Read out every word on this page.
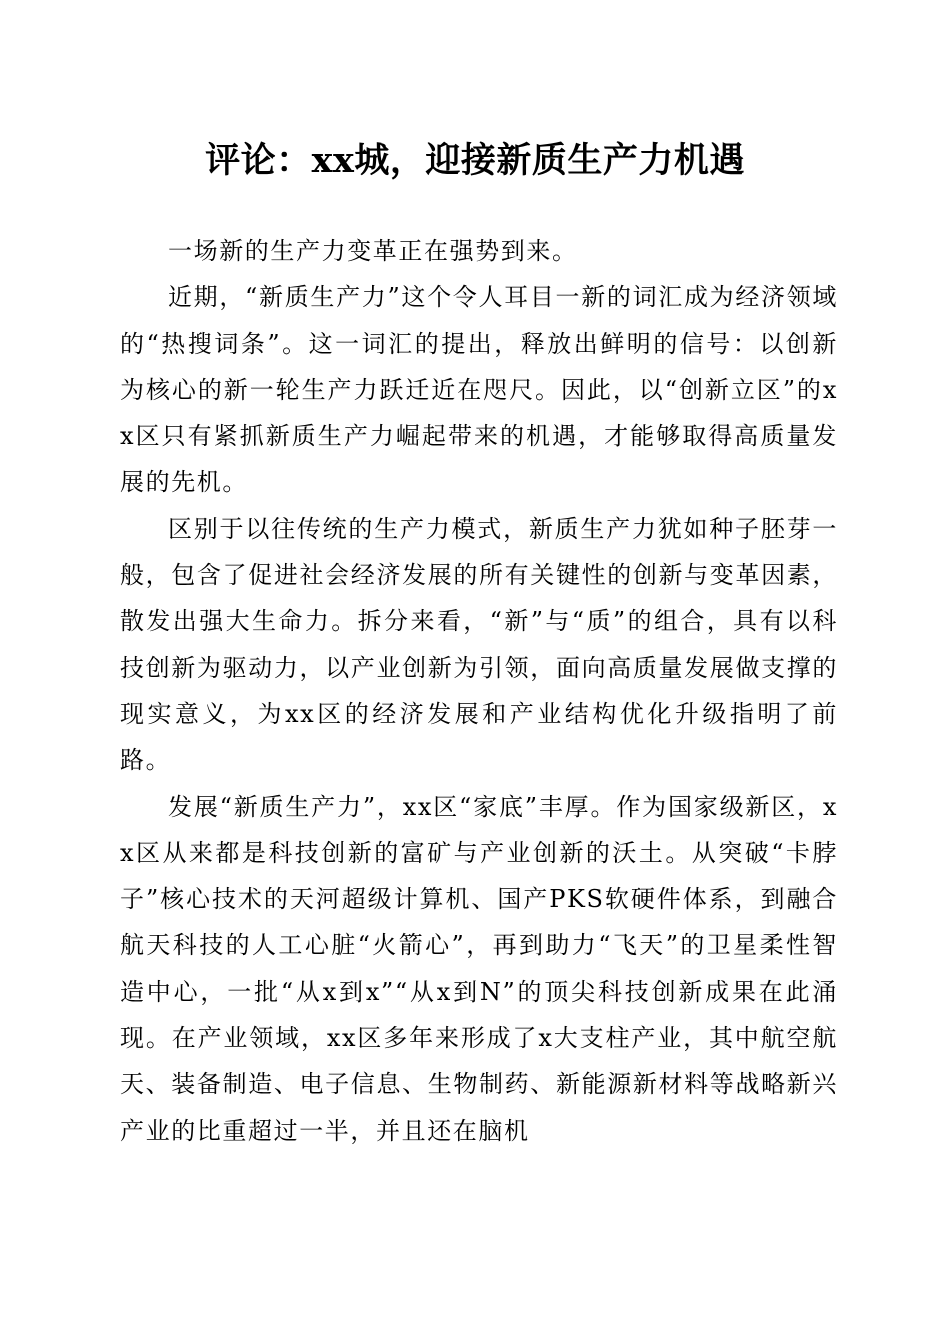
评论：xx城，迎接新质生产力机遇

一场新的生产力变革正在强势到来。

近期，“新质生产力”这个令人耳目一新的词汇成为经济领域的“热搜词条”。这一词汇的提出，释放出鲜明的信号：以创新为核心的新一轮生产力跃迁近在咫尺。因此，以“创新立区”的xx区只有紧抓新质生产力崛起带来的机遇，才能够取得高质量发展的先机。

区别于以往传统的生产力模式，新质生产力犹如种子胚芽一般，包含了促进社会经济发展的所有关键性的创新与变革因素，散发出强大生命力。拆分来看，“新”与“质”的组合，具有以科技创新为驱动力，以产业创新为引领，面向高质量发展做支撑的现实意义，为xx区的经济发展和产业结构优化升级指明了前路。

发展“新质生产力”，xx区“家底”丰厚。作为国家级新区，xx区从来都是科技创新的富矿与产业创新的沃土。从突破“卡脖子”核心技术的天河超级计算机、国产PKS软硬件体系，到融合航天科技的人工心脏“火箭心”，再到助力“飞天”的卫星柔性智造中心，一批“从x到x”“从x到N”的顶尖科技创新成果在此涌现。在产业领域，xx区多年来形成了x大支柱产业，其中航空航天、装备制造、电子信息、生物制药、新能源新材料等战略新兴产业的比重超过一半，并且还在脑机
